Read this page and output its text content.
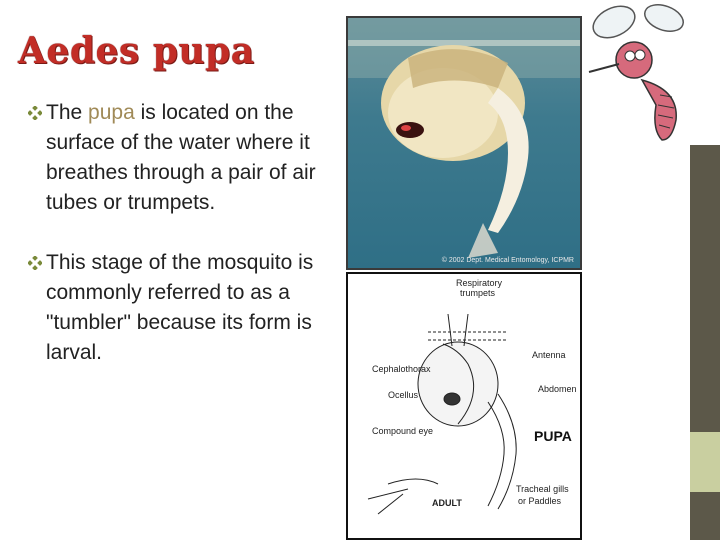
Aedes pupa
The pupa is located on the surface of the water where it breathes through a pair of air tubes or trumpets.
This stage of the mosquito is commonly referred to as a "tumbler" because its form is larval.
© 2002 Dept. Medical Entomology, ICPMR
Respiratory
trumpets
Antenna
Cephalothorax
Abdomen
Ocellus
Compound eye	PUPA
Tracheal gills
or Paddles
ADULT
